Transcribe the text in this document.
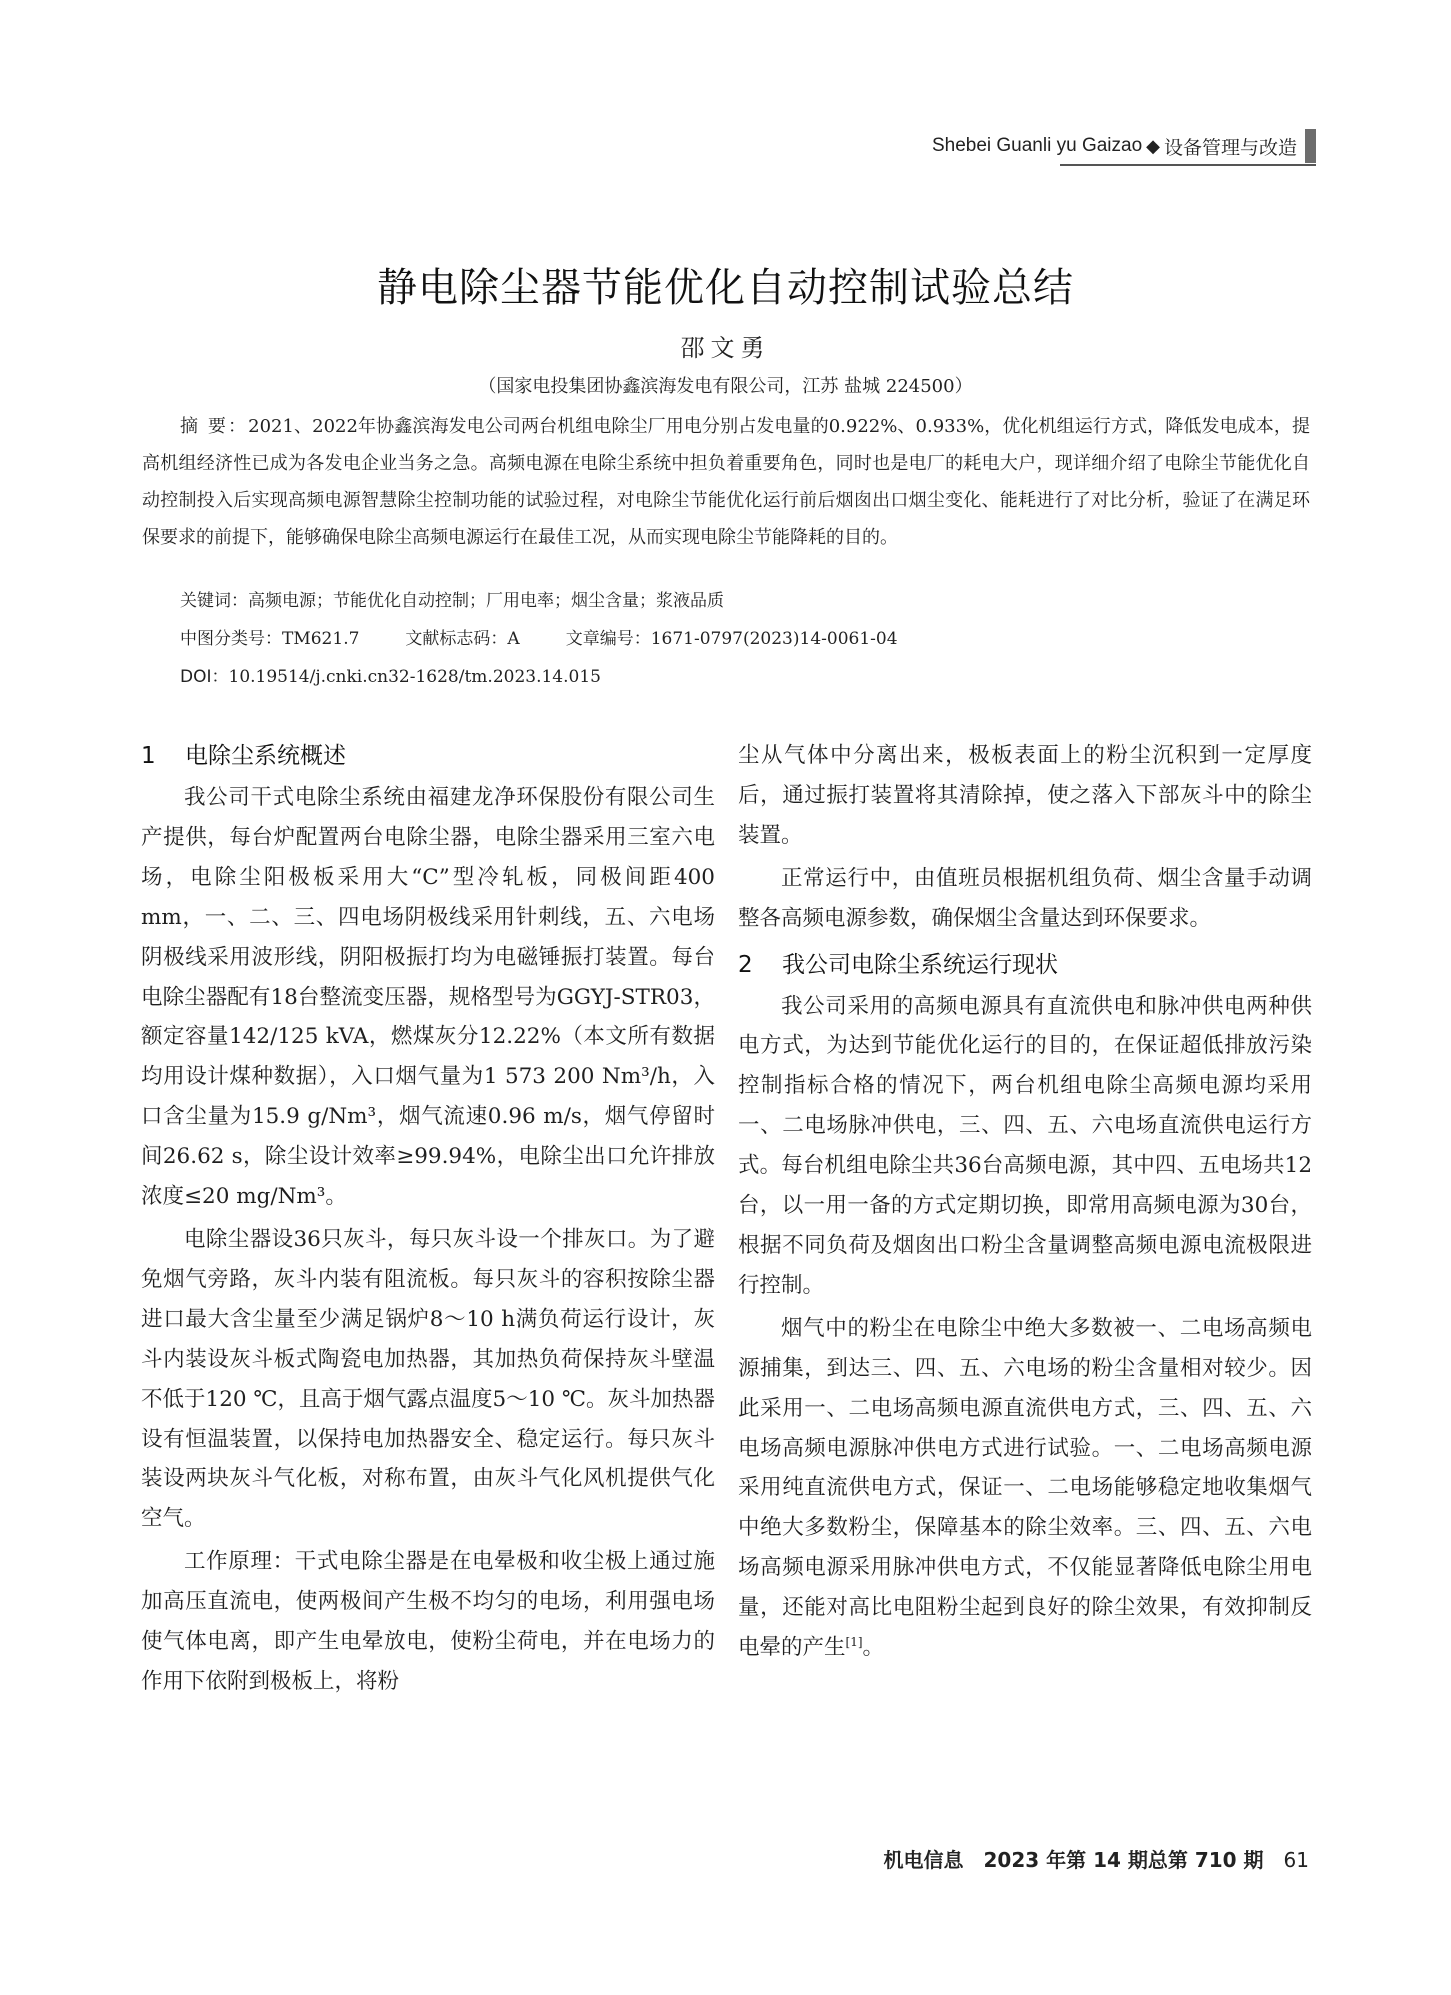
Shebei Guanli yu Gaizao ◆ 设备管理与改造
静电除尘器节能优化自动控制试验总结
邵文勇
（国家电投集团协鑫滨海发电有限公司，江苏 盐城 224500）

摘 要：2021、2022年协鑫滨海发电公司两台机组电除尘厂用电分别占发电量的0.922%、0.933%，优化机组运行方式，降低发电成本，提高机组经济性已成为各发电企业当务之急。高频电源在电除尘系统中担负着重要角色，同时也是电厂的耗电大户，现详细介绍了电除尘节能优化自动控制投入后实现高频电源智慧除尘控制功能的试验过程，对电除尘节能优化运行前后烟囱出口烟尘变化、能耗进行了对比分析，验证了在满足环保要求的前提下，能够确保电除尘高频电源运行在最佳工况，从而实现电除尘节能降耗的目的。

关键词：高频电源；节能优化自动控制；厂用电率；烟尘含量；浆液品质
中图分类号：TM621.7	文献标志码：A	文章编号：1671-0797(2023)14-0061-04
DOI：10.19514/j.cnki.cn32-1628/tm.2023.14.015
1 电除尘系统概述

我公司干式电除尘系统由福建龙净环保股份有限公司生产提供，每台炉配置两台电除尘器，电除尘器采用三室六电场，电除尘阳极板采用大“C”型冷轧板，同极间距400 mm，一、二、三、四电场阴极线采用针刺线，五、六电场阴极线采用波形线，阴阳极振打均为电磁锤振打装置。每台电除尘器配有18台整流变压器，规格型号为GGYJ-STR03，额定容量142/125 kVA，燃煤灰分12.22%（本文所有数据均用设计煤种数据），入口烟气量为1 573 200 Nm³/h，入口含尘量为15.9 g/Nm³，烟气流速0.96 m/s，烟气停留时间26.62 s，除尘设计效率≥99.94%，电除尘出口允许排放浓度≤20 mg/Nm³。

电除尘器设36只灰斗，每只灰斗设一个排灰口。为了避免烟气旁路，灰斗内装有阻流板。每只灰斗的容积按除尘器进口最大含尘量至少满足锅炉8～10 h满负荷运行设计，灰斗内装设灰斗板式陶瓷电加热器，其加热负荷保持灰斗壁温不低于120 ℃，且高于烟气露点温度5～10 ℃。灰斗加热器设有恒温装置，以保持电加热器安全、稳定运行。每只灰斗装设两块灰斗气化板，对称布置，由灰斗气化风机提供气化空气。

工作原理：干式电除尘器是在电晕极和收尘极上通过施加高压直流电，使两极间产生极不均匀的电场，利用强电场使气体电离，即产生电晕放电，使粉尘荷电，并在电场力的作用下依附到极板上，将粉

尘从气体中分离出来，极板表面上的粉尘沉积到一定厚度后，通过振打装置将其清除掉，使之落入下部灰斗中的除尘装置。

正常运行中，由值班员根据机组负荷、烟尘含量手动调整各高频电源参数，确保烟尘含量达到环保要求。

2 我公司电除尘系统运行现状

我公司采用的高频电源具有直流供电和脉冲供电两种供电方式，为达到节能优化运行的目的，在保证超低排放污染控制指标合格的情况下，两台机组电除尘高频电源均采用一、二电场脉冲供电，三、四、五、六电场直流供电运行方式。每台机组电除尘共36台高频电源，其中四、五电场共12台，以一用一备的方式定期切换，即常用高频电源为30台，根据不同负荷及烟囱出口粉尘含量调整高频电源电流极限进行控制。

烟气中的粉尘在电除尘中绝大多数被一、二电场高频电源捕集，到达三、四、五、六电场的粉尘含量相对较少。因此采用一、二电场高频电源直流供电方式，三、四、五、六电场高频电源脉冲供电方式进行试验。一、二电场高频电源采用纯直流供电方式，保证一、二电场能够稳定地收集烟气中绝大多数粉尘，保障基本的除尘效率。三、四、五、六电场高频电源采用脉冲供电方式，不仅能显著降低电除尘用电量，还能对高比电阻粉尘起到良好的除尘效果，有效抑制反电晕的产生[1]。

机电信息　2023 年第 14 期总第 710 期 61
